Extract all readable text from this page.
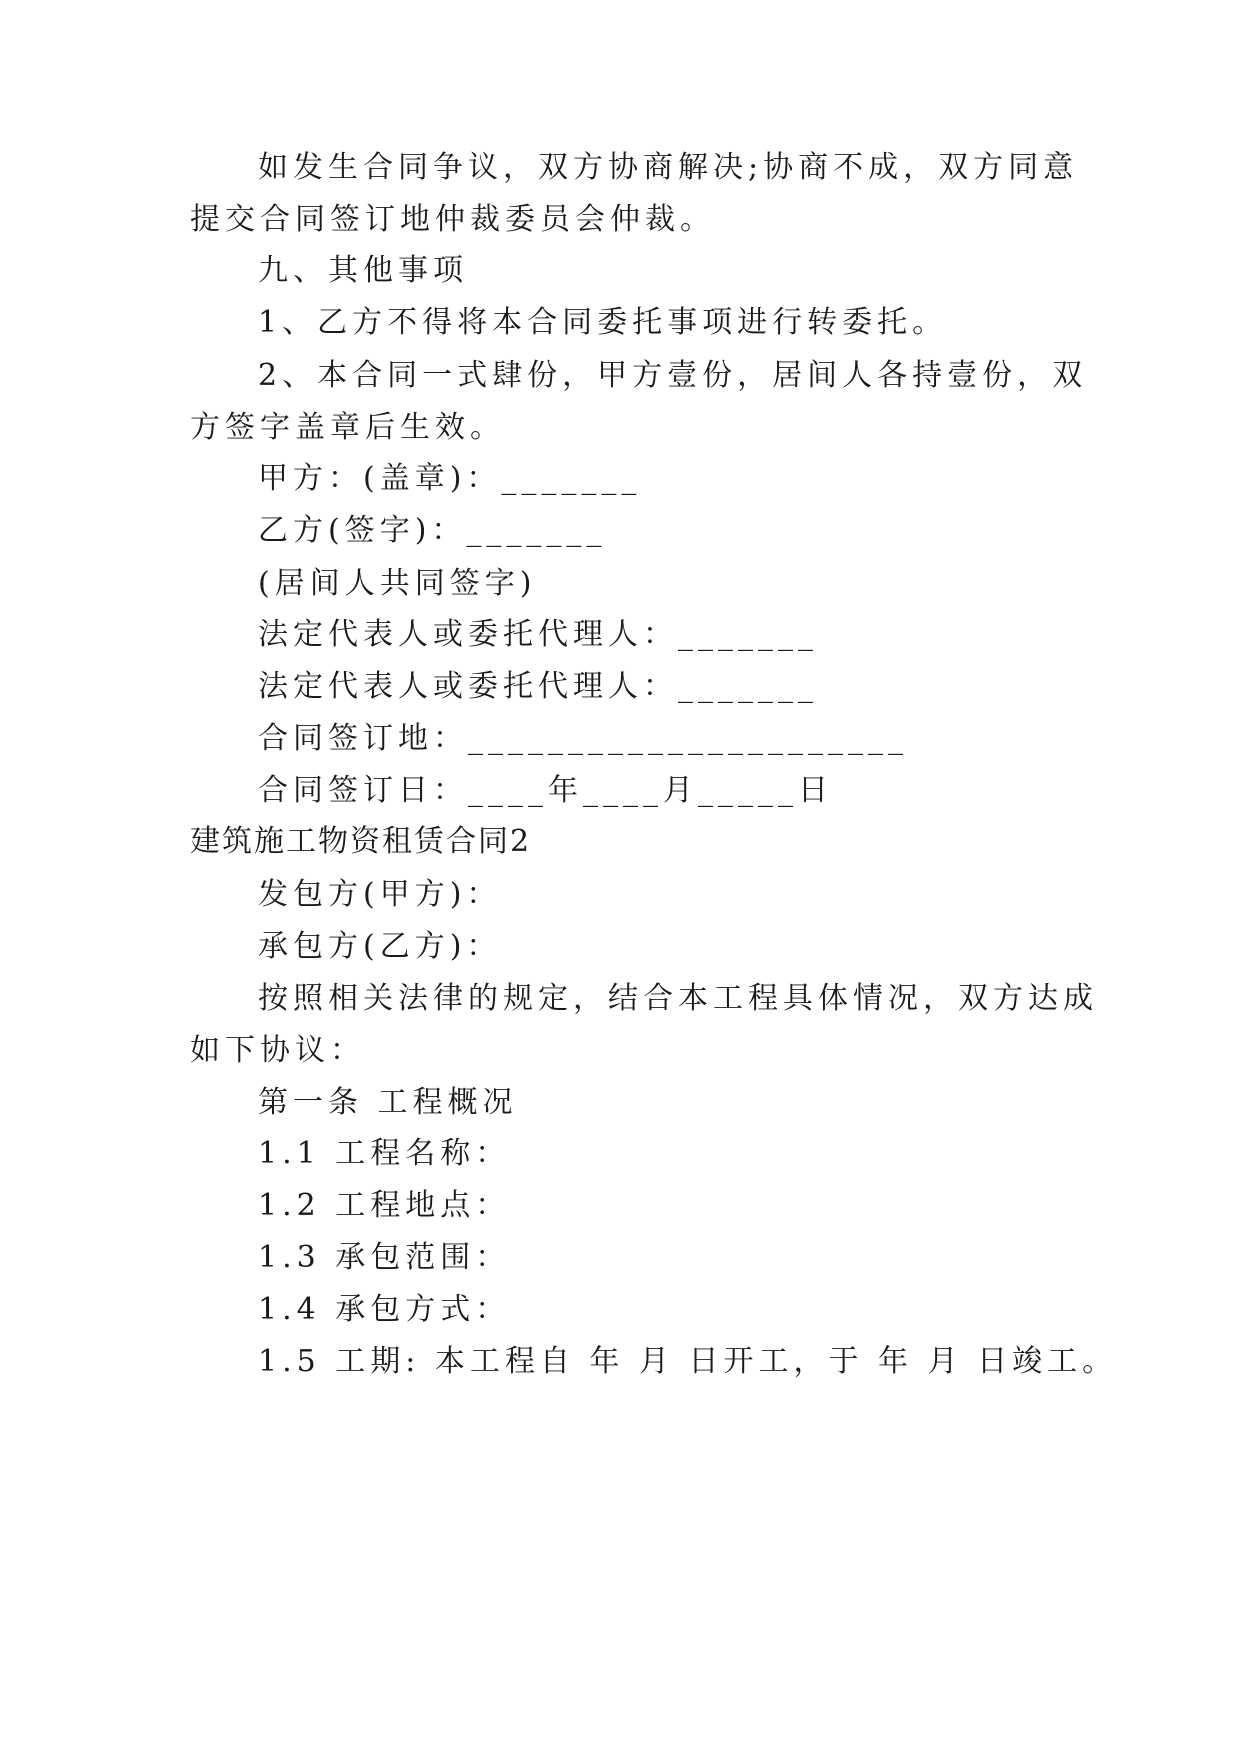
如发生合同争议，双方协商解决;协商不成，双方同意
提交合同签订地仲裁委员会仲裁。
九、其他事项
1、乙方不得将本合同委托事项进行转委托。
2、本合同一式肆份，甲方壹份，居间人各持壹份，双
方签字盖章后生效。
甲方：(盖章)：_______
乙方(签字)：_______
(居间人共同签字)
法定代表人或委托代理人：_______
法定代表人或委托代理人：_______
合同签订地：______________________
合同签订日：____年____月_____日
建筑施工物资租赁合同2
发包方(甲方)：
承包方(乙方)：
按照相关法律的规定，结合本工程具体情况，双方达成
如下协议：
第一条 工程概况
1.1 工程名称：
1.2 工程地点：
1.3 承包范围：
1.4 承包方式：
1.5 工期: 本工程自 年 月 日开工，于 年 月 日竣工。
